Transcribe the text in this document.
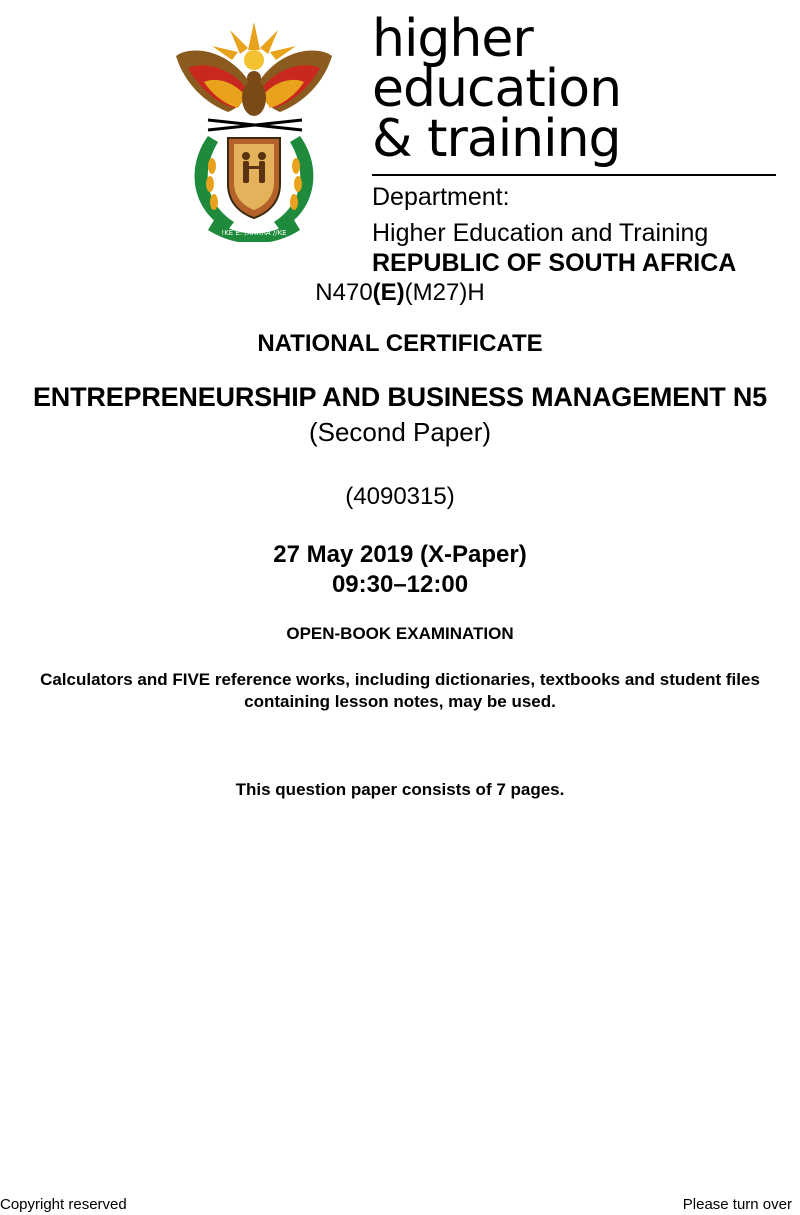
!KE E: /XARRA //KE
higher education
& training
Department:
Higher Education and Training
REPUBLIC OF SOUTH AFRICA
N470(E)(M27)H
NATIONAL CERTIFICATE
ENTREPRENEURSHIP AND BUSINESS MANAGEMENT N5
(Second Paper)
(4090315)
27 May 2019 (X-Paper)
09:30–12:00
OPEN-BOOK EXAMINATION
Calculators and FIVE reference works, including dictionaries, textbooks and student files containing lesson notes, may be used.
This question paper consists of 7 pages.
Copyright reserved	Please turn over
